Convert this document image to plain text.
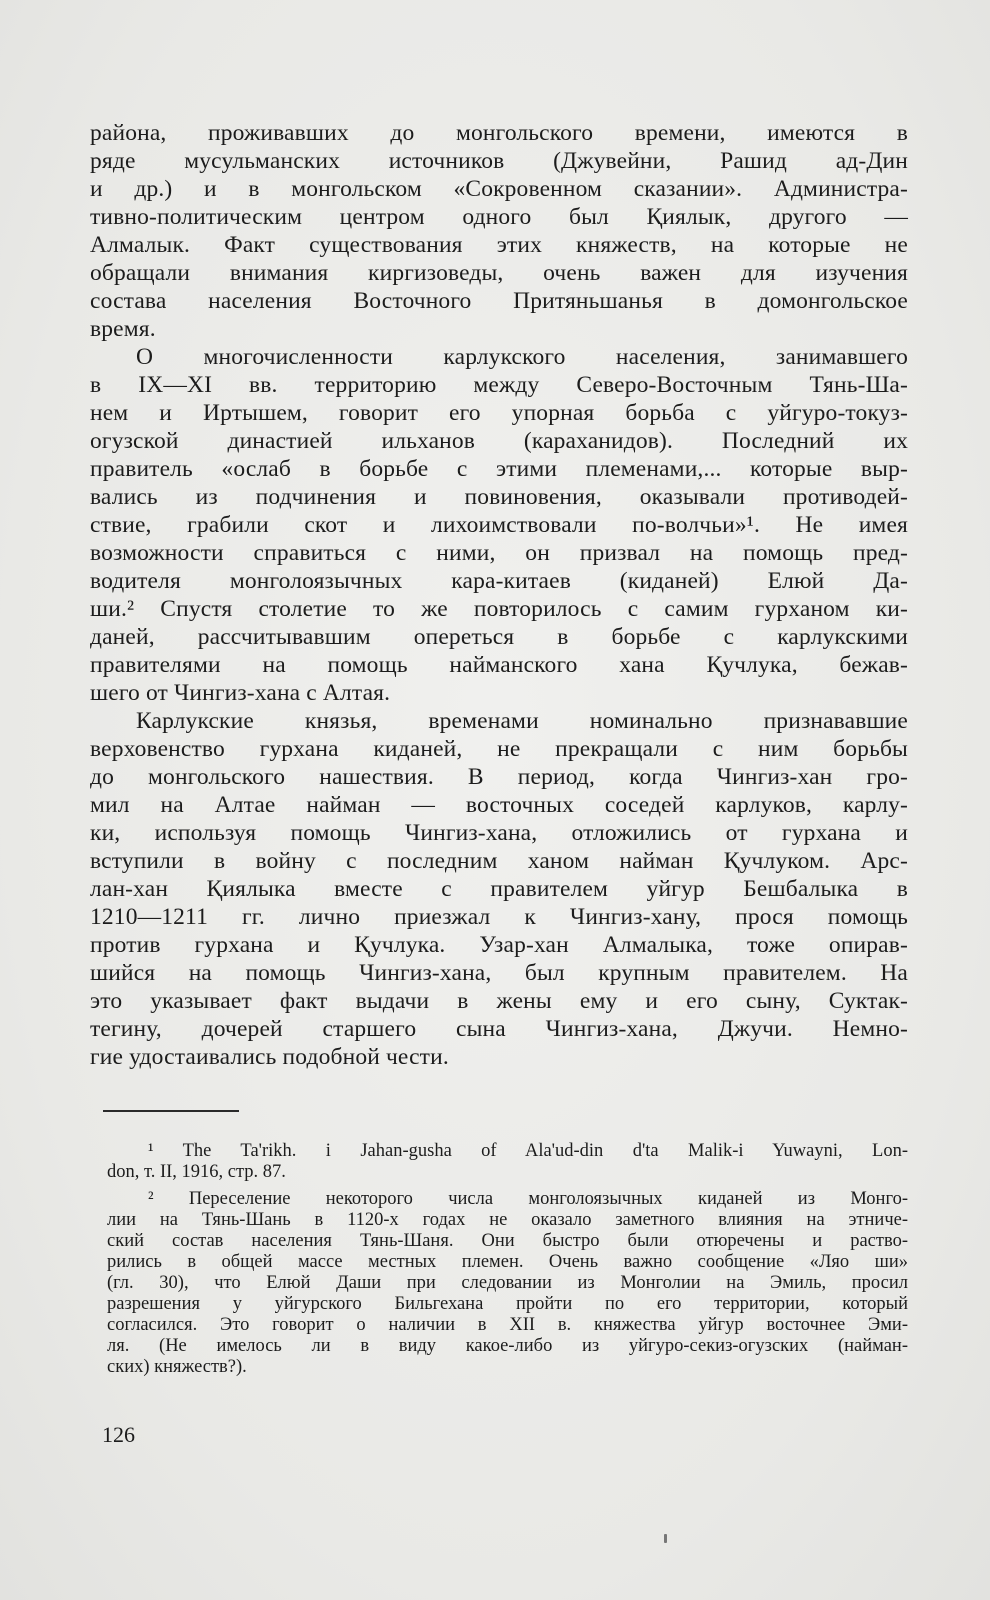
района, проживавших до монгольского времени, имеются в
ряде мусульманских источников (Джувейни, Рашид ад-Дин
и др.) и в монгольском «Сокровенном сказании». Администра-
тивно-политическим центром одного был Қиялык, другого —
Алмалык. Факт существования этих княжеств, на которые не
обращали внимания киргизоведы, очень важен для изучения
состава населения Восточного Притяньшанья в домонгольское
время.
О многочисленности карлукского населения, занимавшего
в IX—XI вв. территорию между Северо-Восточным Тянь-Ша-
нем и Иртышем, говорит его упорная борьба с уйгуро-токуз-
огузской династией ильханов (караханидов). Последний их
правитель «ослаб в борьбе с этими племенами,... которые выр-
вались из подчинения и повиновения, оказывали противодей-
ствие, грабили скот и лихоимствовали по-волчьи»¹. Не имея
возможности справиться с ними, он призвал на помощь пред-
водителя монголоязычных кара-китаев (киданей) Елюй Да-
ши.² Спустя столетие то же повторилось с самим гурханом ки-
даней, рассчитывавшим опереться в борьбе с карлукскими
правителями на помощь найманского хана Қучлука, бежав-
шего от Чингиз-хана с Алтая.
Карлукские князья, временами номинально признававшие
верховенство гурхана киданей, не прекращали с ним борьбы
до монгольского нашествия. В период, когда Чингиз-хан гро-
мил на Алтае найман — восточных соседей карлуков, карлу-
ки, используя помощь Чингиз-хана, отложились от гурхана и
вступили в войну с последним ханом найман Қучлуком. Арс-
лан-хан Қиялыка вместе с правителем уйгур Бешбалыка в
1210—1211 гг. лично приезжал к Чингиз-хану, прося помощь
против гурхана и Қучлука. Узар-хан Алмалыка, тоже опирав-
шийся на помощь Чингиз-хана, был крупным правителем. На
это указывает факт выдачи в жены ему и его сыну, Суктак-
тегину, дочерей старшего сына Чингиз-хана, Джучи. Немно-
гие удостаивались подобной чести.
¹ The Ta'rikh. i Jahan-gusha of Ala'ud-din d'ta Malik-i Yuwayni, Lon-
don, т. II, 1916, стр. 87.
² Переселение некоторого числа монголоязычных киданей из Монго-
лии на Тянь-Шань в 1120-х годах не оказало заметного влияния на этниче-
ский состав населения Тянь-Шаня. Они быстро были отюречены и раство-
рились в общей массе местных племен. Очень важно сообщение «Ляо ши»
(гл. 30), что Елюй Даши при следовании из Монголии на Эмиль, просил
разрешения у уйгурского Бильгехана пройти по его территории, который
согласился. Это говорит о наличии в XII в. княжества уйгур восточнее Эми-
ля. (Не имелось ли в виду какое-либо из уйгуро-секиз-огузских (найман-
ских) княжеств?).
126
